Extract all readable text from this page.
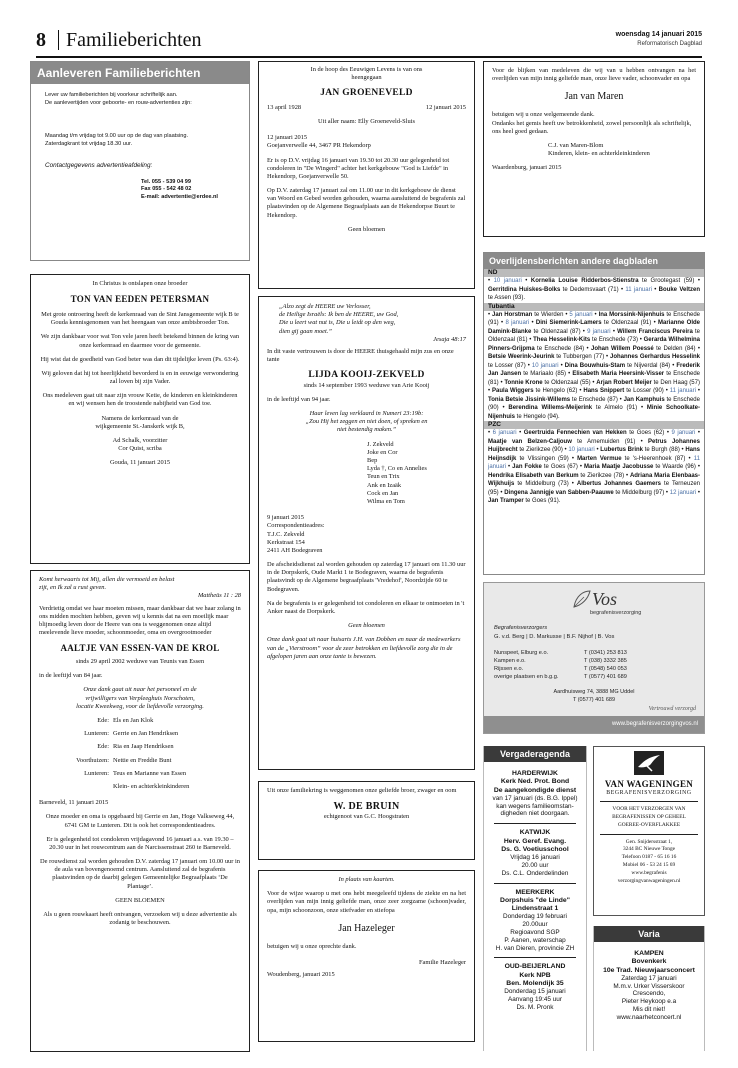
8 Familieberichten	woensdag 14 januari 2015
Reformatorisch Dagblad
Aanleveren Familieberichten

Lever uw familieberichten bij voorkeur schriftelijk aan.

De aanlevertijden voor geboorte- en rouw-advertenties zijn:

Maandag t/m vrijdag tot 9.00 uur op de dag van plaatsing.

Zaterdagkrant tot vrijdag 18.30 uur.

Contactgegevens advertentieafdeling:

Tel. 055 - 539 04 99

Fax 055 - 542 48 02

E-mail: advertentie@erdee.nl

In de hoop des Eeuwigen Levens is van ons

heengegaan

JAN GROENEVELD

13 april 1928	12 januari 2015

Uit aller naam: Elly Groeneveld-Sluis

12 januari 2015

Goejanverwelle 44, 3467 PR Hekendorp

Er is op D.V. vrijdag 16 januari van 19.30 tot 20.30 uur gelegenheid tot condoleren in "De Wingerd" achter het kerkgebouw "God is Liefde" in Hekendorp, Goejanverwelle 50.

Op D.V. zaterdag 17 januari zal om 11.00 uur in dit kerkgebouw de dienst van Woord en Gebed worden gehouden, waarna aansluitend de begrafenis zal plaatsvinden op de Algemene Begraafplaats aan de Hekendorpse Buurt te Hekendorp.

Geen bloemen

Voor de blijken van medeleven die wij van u hebben ontvangen na het overlijden van mijn innig geliefde man, onze lieve vader, schoonvader en opa

Jan van Maren

betuigen wij u onze welgemeende dank.

Ondanks het gemis heeft uw betrokkenheid, zowel persoonlijk als schriftelijk, ons heel goed gedaan.

C.J. van Maren-Blom

Kinderen, klein- en achterkleinkinderen

Waardenburg, januari 2015

Overlijdensberichten andere dagbladen
ND
• 10 januari • Kornelia Louise Ridderbos-Stienstra te Grootegast (59) • Gerritdina Huiskes-Bolks te Dedemsvaart (71) • 11 januari • Bouke Veltzen te Assen (93).
Tubantia
• Jan Horstman te Wierden • 5 januari • Ina Morssink-Nijenhuis te Enschede (91) • 8 januari • Dini Siemerink-Lamers te Oldenzaal (91) • Marianne Olde Damink-Blanke te Oldenzaal (87) • 9 januari • Willem Franciscus Pereira te Oldenzaal (81) • Thea Hesselink-Kits te Enschede (73) • Gerarda Wilhelmina Pinners-Grijpma te Enschede (84) • Johan Willem Poessé te Delden (84) • Betsie Weerink-Jeurink te Tubbergen (77) • Johannes Gerhardus Hesselink te Losser (87) • 10 januari • Dina Bouwhuis-Stam te Nijverdal (84) • Frederik Jan Jansen te Mariaalo (85) • Elisabeth Maria Heersink-Visser te Enschede (81) • Tonnie Krone te Oldenzaal (55) • Arjan Robert Meijer te Den Haag (57) • Paula Wiggers te Hengelo (62) • Hans Snippert te Losser (90) • 11 januari • Tonia Betsie Jissink-Willems te Enschede (87) • Jan Kamphuis te Enschede (90) • Berendina Willems-Meijerink te Almelo (91) • Minie Schoolkate-Nijenhuis te Hengelo (94).
PZC
• 6 januari • Geertruida Fennechien van Hekken te Goes (62) • 9 januari • Maatje van Belzen-Caljouw te Arnemuiden (91) • Petrus Johannes Huijbrecht te Zierikzee (90) • 10 januari • Lubertus Brink te Burgh (88) • Hans Heijnsdijk te Vlissingen (59) • Marten Vermue te 's-Heerenhoek (87) • 11 januari • Jan Fokke te Goes (67) • Maria Maatje Jacobusse te Waarde (96) • Hendrika Elisabeth van Berkum te Zierikzee (78) • Adriana Maria Elenbaas-Wijkhuijs te Middelburg (73) • Albertus Johannes Gaemers te Terneuzen (95) • Dingena Jannigje van Sabben-Paauwe te Middelburg (97) • 12 januari • Jan Tramper te Goes (91).

In Christus is ontslapen onze broeder

TON VAN EEDEN PETERSMAN

Met grote ontroering heeft de kerkenraad van de Sint Jansgemeente wijk B te Gouda kennisgenomen van het heengaan van onze ambtsbroeder Ton.

We zijn dankbaar voor wat Ton vele jaren heeft betekend binnen de kring van onze kerkenraad en daarmee voor de gemeente.

Hij wist dat de goedheid van God beter was dan dit tijdelijke leven (Ps. 63:4).

Wij geloven dat hij tot heerlijkheid bevorderd is en in eeuwige verwondering zal loven bij zijn Vader.

Ons medeleven gaat uit naar zijn vrouw Ketie, de kinderen en kleinkinderen en wij wensen hen de troostende nabijheid van God toe.

Namens de kerkenraad van de

wijkgemeente St.-Janskerk wijk B,

Ad Schalk, voorzitter

Cor Quist, scriba

Gouda, 11 januari 2015

„Alzo zegt de HEERE uw Verlosser,

de Heilige Israëls: Ik ben de HEERE, uw God,

Die u leert wat nut is, Die u leidt op den weg,

dien gij gaan moet.”

Jesaja 48:17

In dit vaste vertrouwen is door de HEERE thuisgehaald mijn zus en onze tante

LIJDA KOOIJ-ZEKVELD

sinds 14 september 1993 weduwe van Arie Kooij

in de leeftijd van 94 jaar.

Haar leven lag verklaard in Numeri 23:19b:

„Zou Hij het zeggen en niet doen, of spreken en

niet bestendig maken.”

J. Zekveld

Joke en Cor

Bep

Lyda †, Co en Annelies

Teun en Trix

Ank en Izaäk

Cock en Jan

Wilma en Tom

9 januari 2015

Correspondentieadres:

T.J.C. Zekveld

Kerkstraat 154

2411 AH Bodegraven

De afscheidsdienst zal worden gehouden op zaterdag 17 januari om 11.30 uur in de Dorpskerk, Oude Markt 1 te Bodegraven, waarna de begrafenis plaatsvindt op de Algemene begraafplaats 'Vredehof', Noordzijde 60 te Bodegraven.

Na de begrafenis is er gelegenheid tot condoleren en elkaar te ontmoeten in 't Anker naast de Dorpskerk.

Geen bloemen

Onze dank gaat uit naar huisarts J.H. van Dobben en naar de medewerkers van de „Vierstroom” voor de zeer betrokken en liefdevolle zorg die in de afgelopen jaren aan onze tante is bewezen.

Komt herwaarts tot Mij, allen die vermoeid en belast

zijt, en Ik zal u rust geven.

Mattheüs 11 : 28

Verdrietig omdat we haar moeten missen, maar dankbaar dat we haar zolang in ons midden mochten hebben, geven wij u kennis dat na een moeilijk maar blijmoedig leven door de Heere van ons is weggenomen onze altijd meelevende lieve moeder, schoonmoeder, oma en overgrootmoeder

AALTJE VAN ESSEN-VAN DE KROL

sinds 29 april 2002 weduwe van Teunis van Essen

in de leeftijd van 84 jaar.

Onze dank gaat uit naar het personeel en de

vrijwilligers van Verpleeghuis Norschoten,

locatie Kweekweg, voor de liefdevolle verzorging.

Ede: Els en Jan Klok
Lunteren: Gerrie en Jan Hendriksen
Ede: Ria en Jaap Hendriksen
Voorthuizen: Nettie en Freddie Bunt
Lunteren: Teus en Marianne van Essen
Klein- en achterkleinkinderen

Barneveld, 11 januari 2015

Onze moeder en oma is opgebaard bij Gerrie en Jan, Hoge Valkseweg 44, 6741 GM te Lunteren. Dit is ook het correspondentieadres.

Er is gelegenheid tot condoleren vrijdagavond 16 januari a.s. van 19.30 – 20.30 uur in het rouwcentrum aan de Narcissenstraat 260 te Barneveld.

De rouwdienst zal worden gehouden D.V. zaterdag 17 januari om 10.00 uur in de aula van bovengenoemd centrum. Aansluitend zal de begrafenis plaatsvinden op de daarbij gelegen Gemeentelijke Begraafplaats ‘De Plantage’.

GEEN BLOEMEN

Als u geen rouwkaart heeft ontvangen, verzoeken wij u deze advertentie als zodanig te beschouwen.

Vos
begrafenisverzorging
Begrafenisverzorgers
G. v.d. Berg | D. Markusse | B.F. Nijhof | B. Vos
Nunspeet, Elburg e.o.	T (0341) 253 813
Kampen e.o.	T (038) 3332 385
Rijssen e.o.	T (0548) 540 053
overige plaatsen en b.g.g.	T (0577) 401 689
Aardhuisweg 74, 3888 MG Uddel
T (0577) 401 689
Vertrouwd verzorgd
www.begrafenisverzorgingvos.nl

Uit onze familiekring is weggenomen onze geliefde broer, zwager en oom

W. DE BRUIN

echtgenoot van G.C. Hoogstraten

In plaats van kaarten.

Voor de wijze waarop u met ons hebt meegeleefd tijdens de ziekte en na het overlijden van mijn innig geliefde man, onze zeer zorgzame (schoon)vader, opa, mijn schoonzoon, onze stiefvader en stiefopa

Jan Hazeleger

betuigen wij u onze oprechte dank.

Familie Hazeleger

Woudenberg, januari 2015

Vergaderagenda

HARDERWIJK

Kerk Ned. Prot. Bond

De aangekondigde dienst

van 17 januari (ds. B.G. Ippel)

kan wegens familieomstan-

digheden niet doorgaan.

KATWIJK

Herv. Geref. Evang.

Ds. G. Voetiusschool

Vrijdag 16 januari

20.00 uur

Ds. C.L. Onderdelinden

MEERKERK

Dorpshuis "de Linde"

Lindenstraat 1

Donderdag 19 februari

20.00uur

Regioavond SGP

P. Aanen, waterschap

H. van Dieren, provincie ZH

OUD-BEIJERLAND

Kerk NPB

Ben. Molendijk 35

Donderdag 15 januari

Aanvang 19:45 uur

Ds. M. Pronk

VAN WAGENINGEN

BEGRAFENISVERZORGING

VOOR HET VERZORGEN VAN

BEGRAFENISSEN OP GEHEEL

GOEREE-OVERFLAKKEE

Gen. Snijdersstraat 1,

3244 BC Nieuwe Tonge

Telefoon 0187 - 65 16 16

Mobiel 06 - 53 24 15 69

www.begrafenis

verzorgingvanwageningen.nl

Varia

KAMPEN

Bovenkerk

10e Trad. Nieuwjaarsconcert

Zaterdag 17 januari

M.m.v. Urker Visserskoor

Crescendo,

Pieter Heykoop e.a

Mis dit niet!

www.naarhetconcert.nl
